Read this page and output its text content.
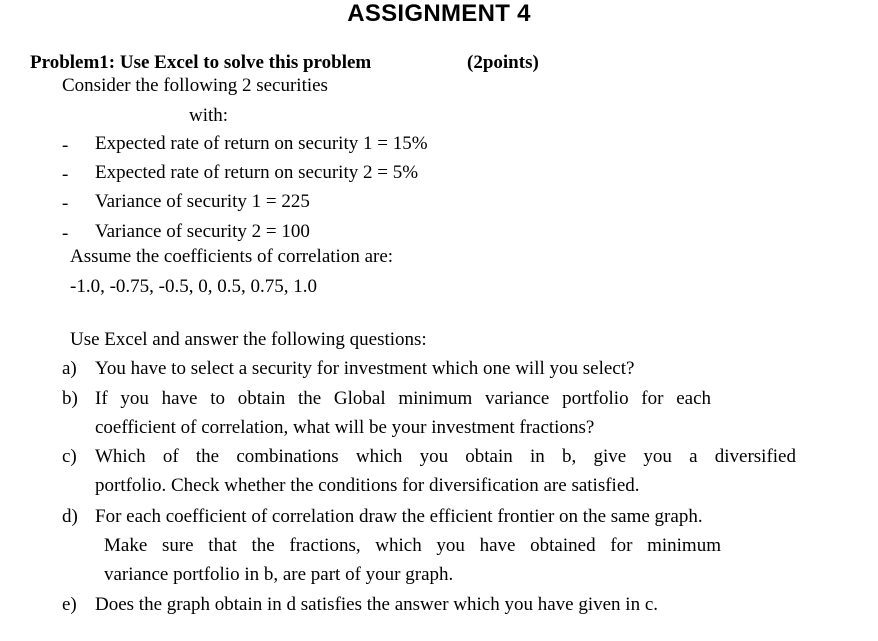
ASSIGNMENT 4
Problem1: Use Excel to solve this problem	(2points)
Consider the following 2 securities
with:
- Expected rate of return on security 1 = 15%
- Expected rate of return on security 2 = 5%
- Variance of security 1 = 225
- Variance of security 2 = 100
Assume the coefficients of correlation are:
-1.0, -0.75, -0.5, 0, 0.5, 0.75, 1.0
Use Excel and answer the following questions:
a) You have to select a security for investment which one will you select?
b) If you have to obtain the Global minimum variance portfolio for each
coefficient of correlation, what will be your investment fractions?
c) Which of the combinations which you obtain in b, give you a diversified
portfolio. Check whether the conditions for diversification are satisfied.
d) For each coefficient of correlation draw the efficient frontier on the same graph.
Make sure that the fractions, which you have obtained for minimum
variance portfolio in b, are part of your graph.
e) Does the graph obtain in d satisfies the answer which you have given in c.
